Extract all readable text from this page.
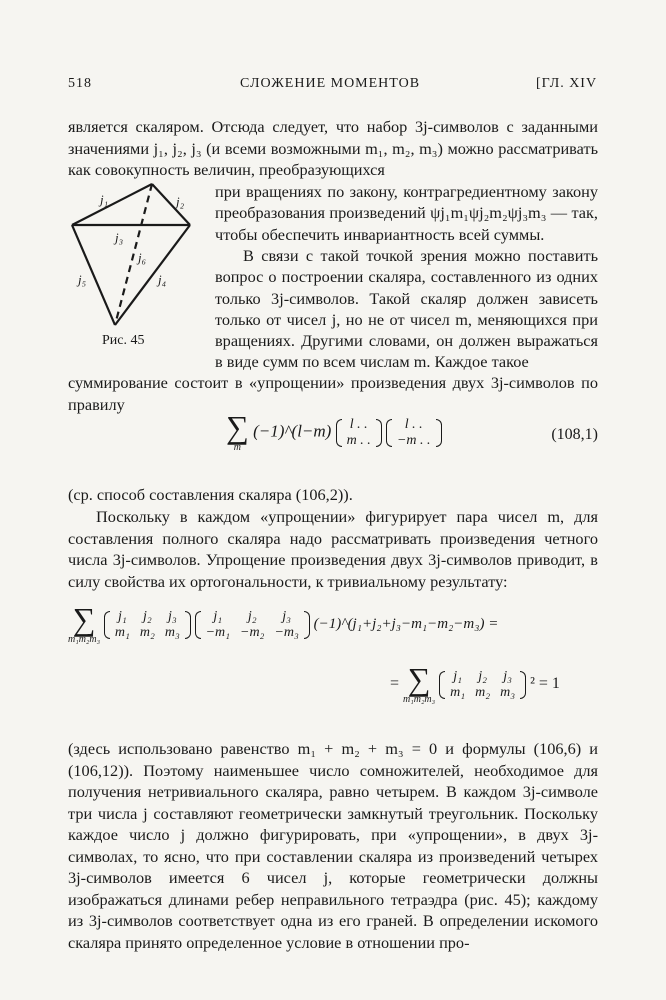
518	СЛОЖЕНИЕ МОМЕНТОВ	[ГЛ. XIV

является скаляром. Отсюда следует, что набор 3j-символов с заданными значениями j₁, j₂, j₃ (и всеми возможными m₁, m₂, m₃) можно рассматривать как совокупность величин, преобразующихся

j₁	j₂
j₃
j₄
j₅
j₆
Рис. 45

при вращениях по закону, контрагредиентному закону преобразования произведений ψj₁m₁ψj₂m₂ψj₃m₃ — так, чтобы обеспечить инвариантность всей суммы.

В связи с такой точкой зрения можно поставить вопрос о построении скаляра, составленного из одних только 3j-символов. Такой скаляр должен зависеть только от чисел j, но не от чисел m, меняющихся при вращениях. Другими словами, он должен выражаться в виде сумм по всем числам m. Каждое такое

суммирование состоит в «упрощении» произведения двух 3j-символов по правилу

∑
m
(−1)^(l−m) l . .
m . .

l . .
−m . .	(108,1)

(ср. способ составления скаляра (106,2)).

Поскольку в каждом «упрощении» фигурирует пара чисел m, для составления полного скаляра надо рассматривать произведения четного числа 3j-символов. Упрощение произведения двух 3j-символов приводит, в силу свойства их ортогональности, к тривиальному результату:

∑
m₁m₂m₃

j₁	j₂	j₃
m₁	m₂	m₃

j₁	j₂	j₃
−m₁	−m₂	−m₃
(−1)^(j₁+j₂+j₃−m₁−m₂−m₃) =
= ∑
m₁m₂m₃

j₁	j₂	j₃
m₁	m₂	m₃ ² = 1

(здесь использовано равенство m₁ + m₂ + m₃ = 0 и формулы (106,6) и (106,12)). Поэтому наименьшее число сомножителей, необходимое для получения нетривиального скаляра, равно четырем. В каждом 3j-символе три числа j составляют геометрически замкнутый треугольник. Поскольку каждое число j должно фигурировать, при «упрощении», в двух 3j-символах, то ясно, что при составлении скаляра из произведений четырех 3j-символов имеется 6 чисел j, которые геометрически должны изображаться длинами ребер неправильного тетраэдра (рис. 45); каждому из 3j-символов соответствует одна из его граней. В определении искомого скаляра принято определенное условие в отношении про-
